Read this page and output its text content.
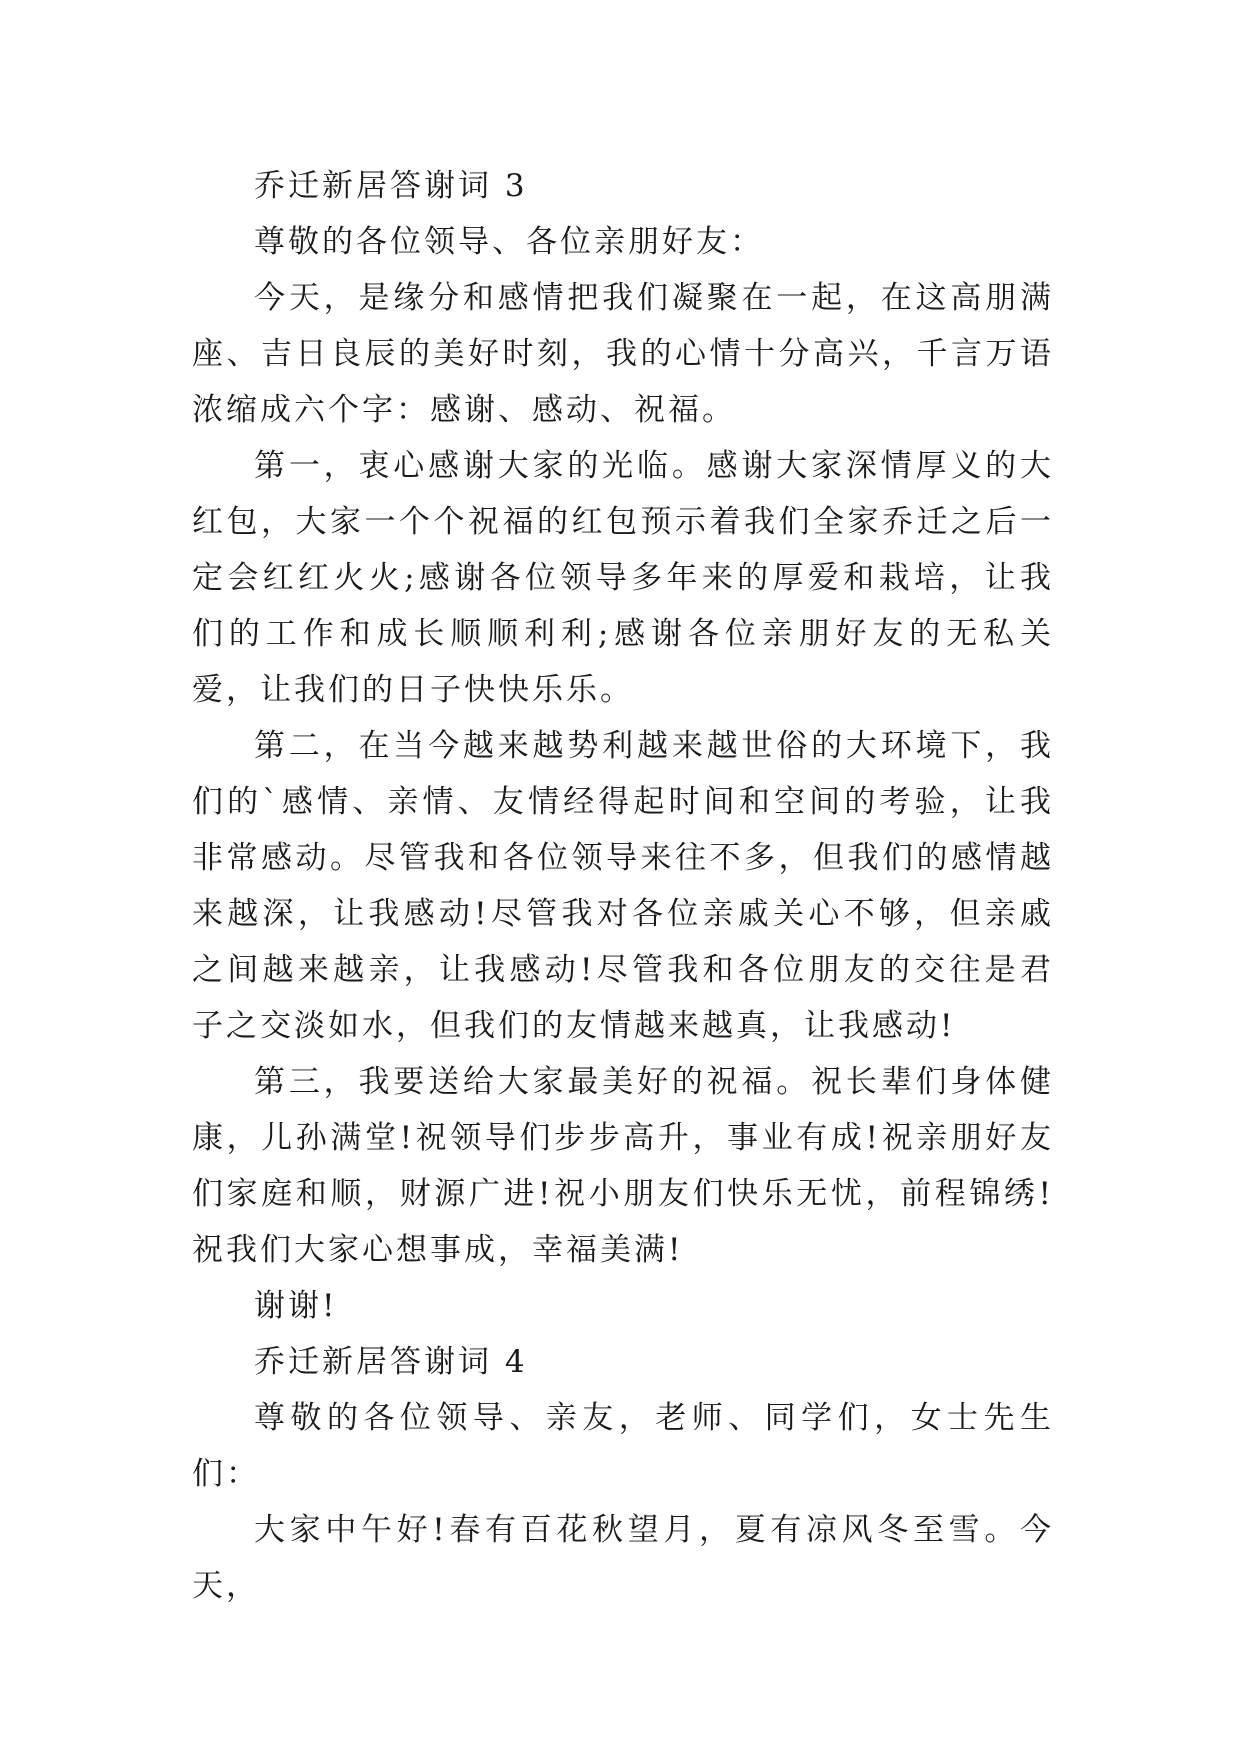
乔迁新居答谢词 3

尊敬的各位领导、各位亲朋好友：

今天，是缘分和感情把我们凝聚在一起，在这高朋满座、吉日良辰的美好时刻，我的心情十分高兴，千言万语浓缩成六个字：感谢、感动、祝福。

第一，衷心感谢大家的光临。感谢大家深情厚义的大红包，大家一个个祝福的红包预示着我们全家乔迁之后一定会红红火火;感谢各位领导多年来的厚爱和栽培，让我们的工作和成长顺顺利利;感谢各位亲朋好友的无私关爱，让我们的日子快快乐乐。

第二，在当今越来越势利越来越世俗的大环境下，我们的`感情、亲情、友情经得起时间和空间的考验，让我非常感动。尽管我和各位领导来往不多，但我们的感情越来越深，让我感动!尽管我对各位亲戚关心不够，但亲戚之间越来越亲，让我感动!尽管我和各位朋友的交往是君子之交淡如水，但我们的友情越来越真，让我感动!

第三，我要送给大家最美好的祝福。祝长辈们身体健康，儿孙满堂!祝领导们步步高升，事业有成!祝亲朋好友们家庭和顺，财源广进!祝小朋友们快乐无忧，前程锦绣!祝我们大家心想事成，幸福美满!

谢谢!

乔迁新居答谢词 4

尊敬的各位领导、亲友，老师、同学们，女士先生们：

大家中午好!春有百花秋望月，夏有凉风冬至雪。今天，
